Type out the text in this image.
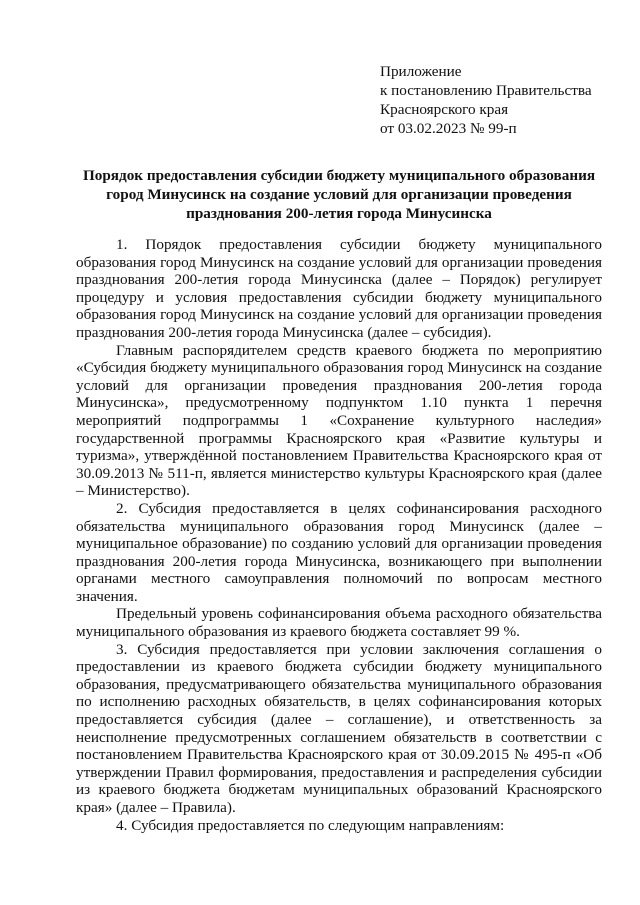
Приложение
к постановлению Правительства
Красноярского края
от 03.02.2023 № 99-п
Порядок предоставления субсидии бюджету муниципального образования
город Минусинск на создание условий для организации проведения
празднования 200-летия города Минусинска

1. Порядок предоставления субсидии бюджету муниципального образования город Минусинск на создание условий для организации проведения празднования 200-летия города Минусинска (далее – Порядок) регулирует процедуру и условия предоставления субсидии бюджету муниципального образования город Минусинск на создание условий для организации проведения празднования 200-летия города Минусинска (далее – субсидия).

Главным распорядителем средств краевого бюджета по мероприятию «Субсидия бюджету муниципального образования город Минусинск на создание условий для организации проведения празднования 200-летия города Минусинска», предусмотренному подпунктом 1.10 пункта 1 перечня мероприятий подпрограммы 1 «Сохранение культурного наследия» государственной программы Красноярского края «Развитие культуры и туризма», утверждённой постановлением Правительства Красноярского края от 30.09.2013 № 511-п, является министерство культуры Красноярского края (далее – Министерство).

2. Субсидия предоставляется в целях софинансирования расходного обязательства муниципального образования город Минусинск (далее – муниципальное образование) по созданию условий для организации проведения празднования 200-летия города Минусинска, возникающего при выполнении органами местного самоуправления полномочий по вопросам местного значения.

Предельный уровень софинансирования объема расходного обязательства муниципального образования из краевого бюджета составляет 99 %.

3. Субсидия предоставляется при условии заключения соглашения о предоставлении из краевого бюджета субсидии бюджету муниципального образования, предусматривающего обязательства муниципального образования по исполнению расходных обязательств, в целях софинансирования которых предоставляется субсидия (далее – соглашение), и ответственность за неисполнение предусмотренных соглашением обязательств в соответствии с постановлением Правительства Красноярского края от 30.09.2015 № 495-п «Об утверждении Правил формирования, предоставления и распределения субсидии из краевого бюджета бюджетам муниципальных образований Красноярского края» (далее – Правила).

4. Субсидия предоставляется по следующим направлениям:
